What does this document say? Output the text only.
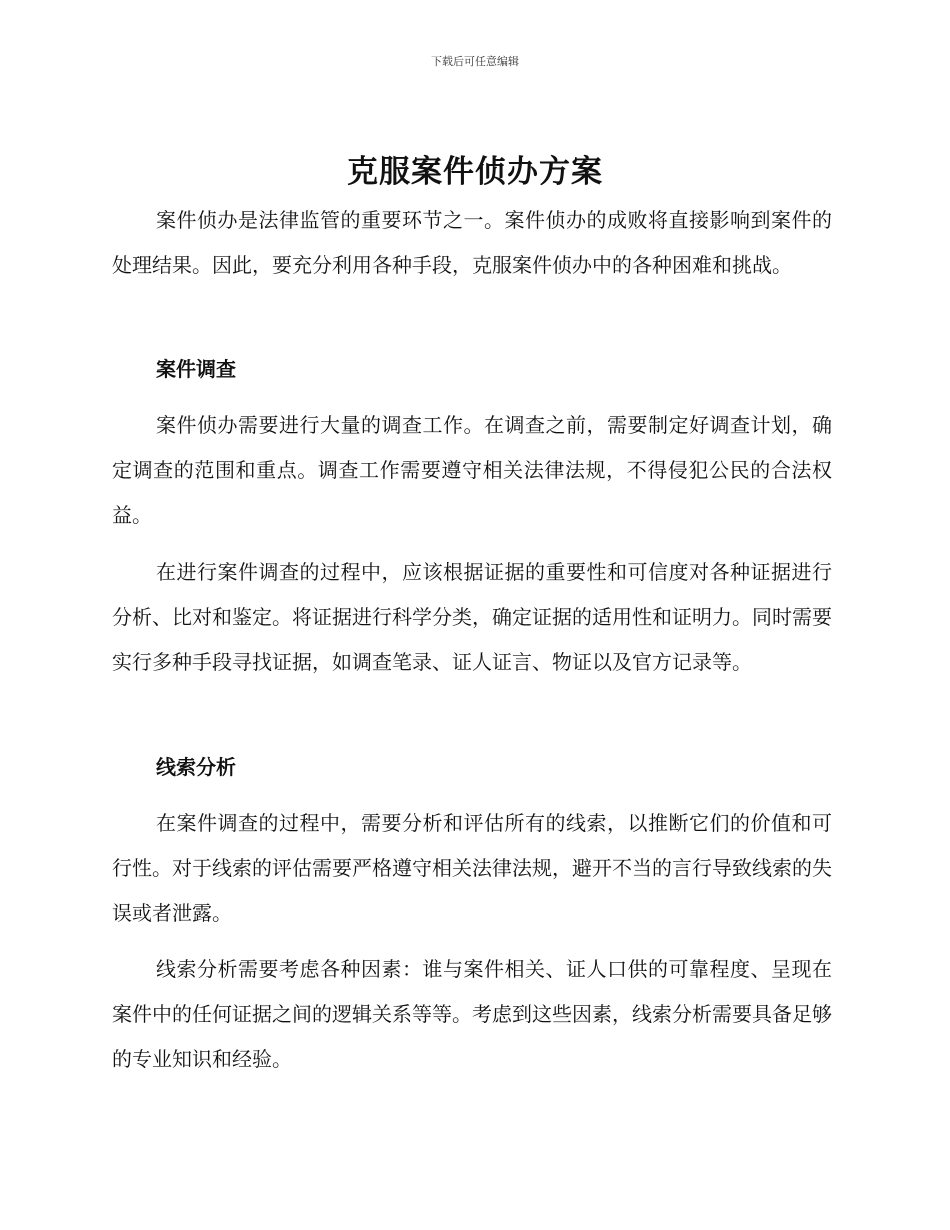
下载后可任意编辑
克服案件侦办方案

案件侦办是法律监管的重要环节之一。案件侦办的成败将直接影响到案件的处理结果。因此，要充分利用各种手段，克服案件侦办中的各种困难和挑战。

案件调查

案件侦办需要进行大量的调查工作。在调查之前，需要制定好调查计划，确定调查的范围和重点。调查工作需要遵守相关法律法规，不得侵犯公民的合法权益。

在进行案件调查的过程中，应该根据证据的重要性和可信度对各种证据进行分析、比对和鉴定。将证据进行科学分类，确定证据的适用性和证明力。同时需要实行多种手段寻找证据，如调查笔录、证人证言、物证以及官方记录等。

线索分析

在案件调查的过程中，需要分析和评估所有的线索，以推断它们的价值和可行性。对于线索的评估需要严格遵守相关法律法规，避开不当的言行导致线索的失误或者泄露。

线索分析需要考虑各种因素：谁与案件相关、证人口供的可靠程度、呈现在案件中的任何证据之间的逻辑关系等等。考虑到这些因素，线索分析需要具备足够的专业知识和经验。
